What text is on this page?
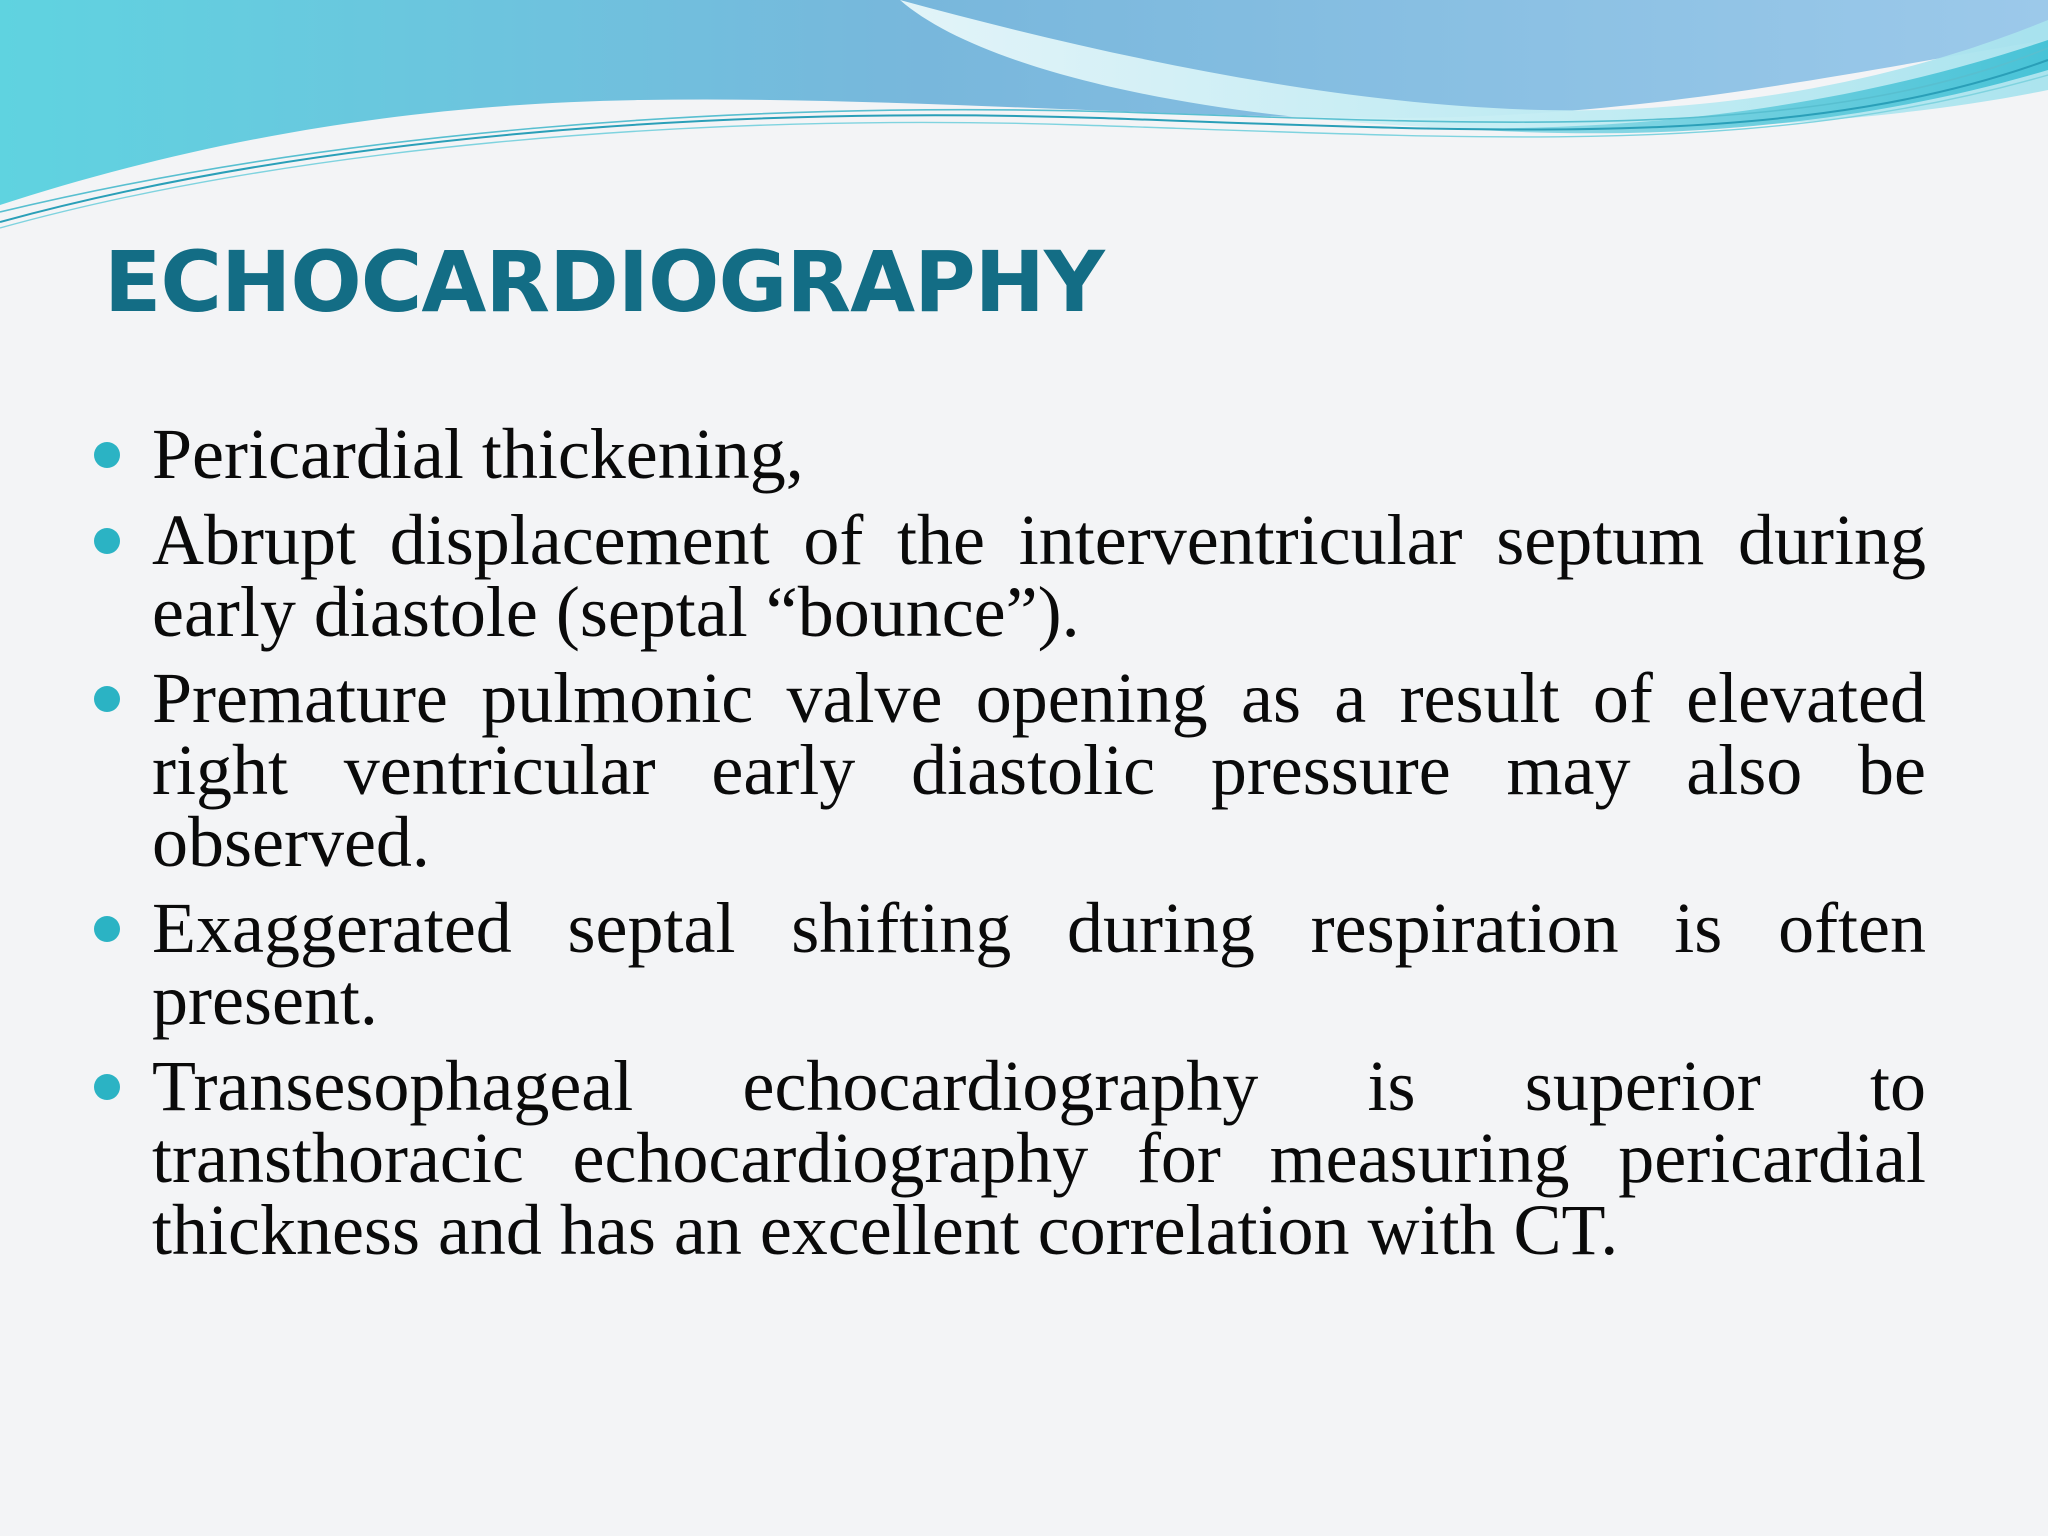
ECHOCARDIOGRAPHY
Pericardial thickening,
Abrupt displacement of the interventricular septum during early diastole (septal “bounce”).
Premature pulmonic valve opening as a result of elevated right ventricular early diastolic pressure may also be observed.
Exaggerated septal shifting during respiration is often present.
Transesophageal echocardiography is superior to transthoracic echocardiography for measuring pericardial thickness and has an excellent correlation with CT.
